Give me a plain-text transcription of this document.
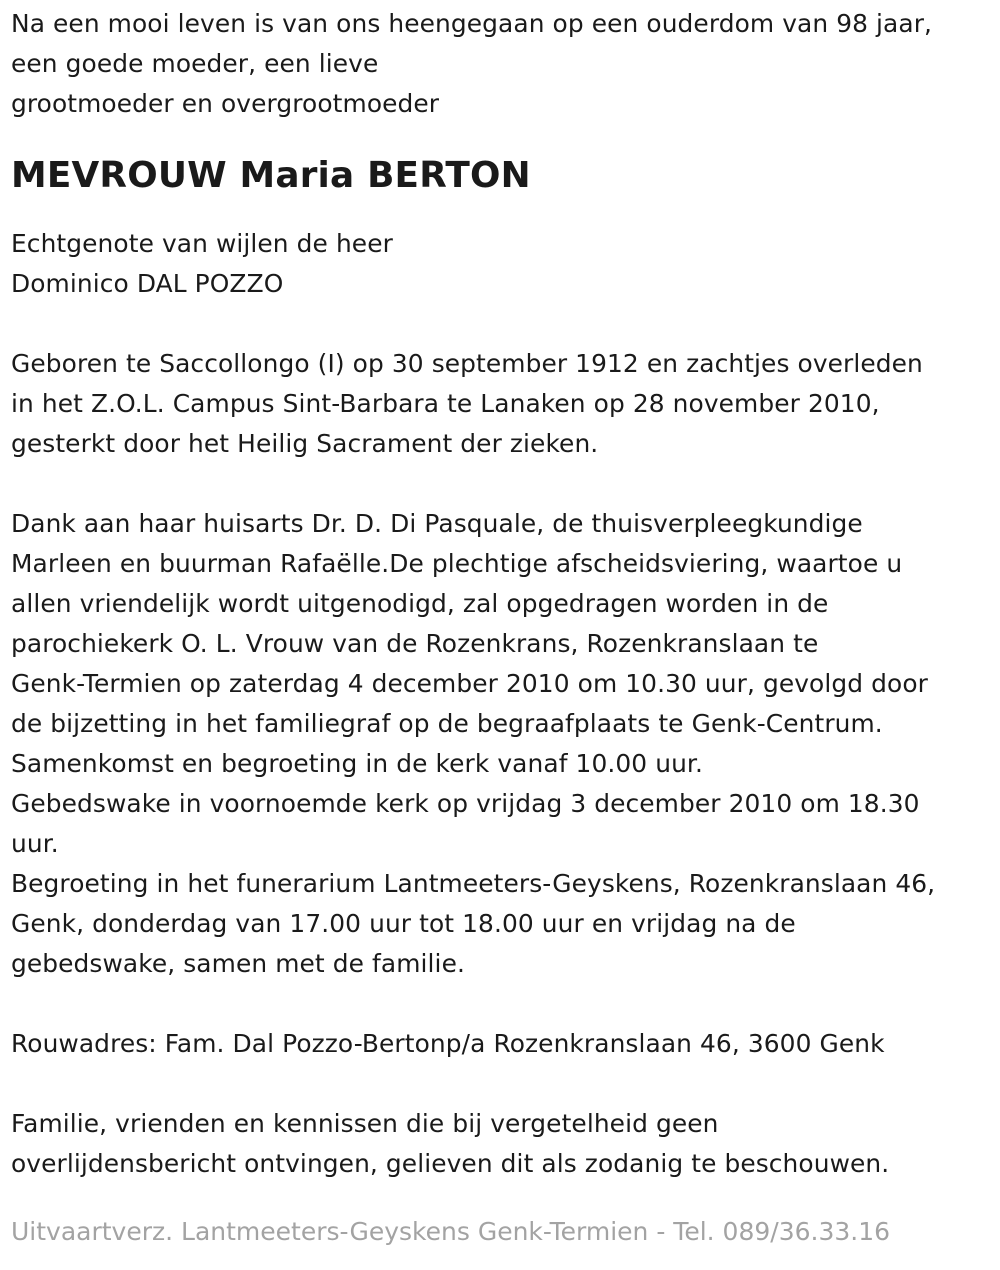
Na een mooi leven is van ons heengegaan op een ouderdom van 98 jaar,
een goede moeder, een lieve
grootmoeder en overgrootmoeder
MEVROUW Maria BERTON
Echtgenote van wijlen de heer
Dominico DAL POZZO
Geboren te Saccollongo (I) op 30 september 1912 en zachtjes overleden
in het Z.O.L. Campus Sint-Barbara te Lanaken op 28 november 2010,
gesterkt door het Heilig Sacrament der zieken.
Dank aan haar huisarts Dr. D. Di Pasquale, de thuisverpleegkundige
Marleen en buurman Rafaëlle.De plechtige afscheidsviering, waartoe u
allen vriendelijk wordt uitgenodigd, zal opgedragen worden in de
parochiekerk O. L. Vrouw van de Rozenkrans, Rozenkranslaan te
Genk-Termien op zaterdag 4 december 2010 om 10.30 uur, gevolgd door
de bijzetting in het familiegraf op de begraafplaats te Genk-Centrum.
Samenkomst en begroeting in de kerk vanaf 10.00 uur.
Gebedswake in voornoemde kerk op vrijdag 3 december 2010 om 18.30
uur.
Begroeting in het funerarium Lantmeeters-Geyskens, Rozenkranslaan 46,
Genk, donderdag van 17.00 uur tot 18.00 uur en vrijdag na de
gebedswake, samen met de familie.
Rouwadres: Fam. Dal Pozzo-Bertonp/a Rozenkranslaan 46, 3600 Genk
Familie, vrienden en kennissen die bij vergetelheid geen
overlijdensbericht ontvingen, gelieven dit als zodanig te beschouwen.
Uitvaartverz. Lantmeeters-Geyskens Genk-Termien - Tel. 089/36.33.16
